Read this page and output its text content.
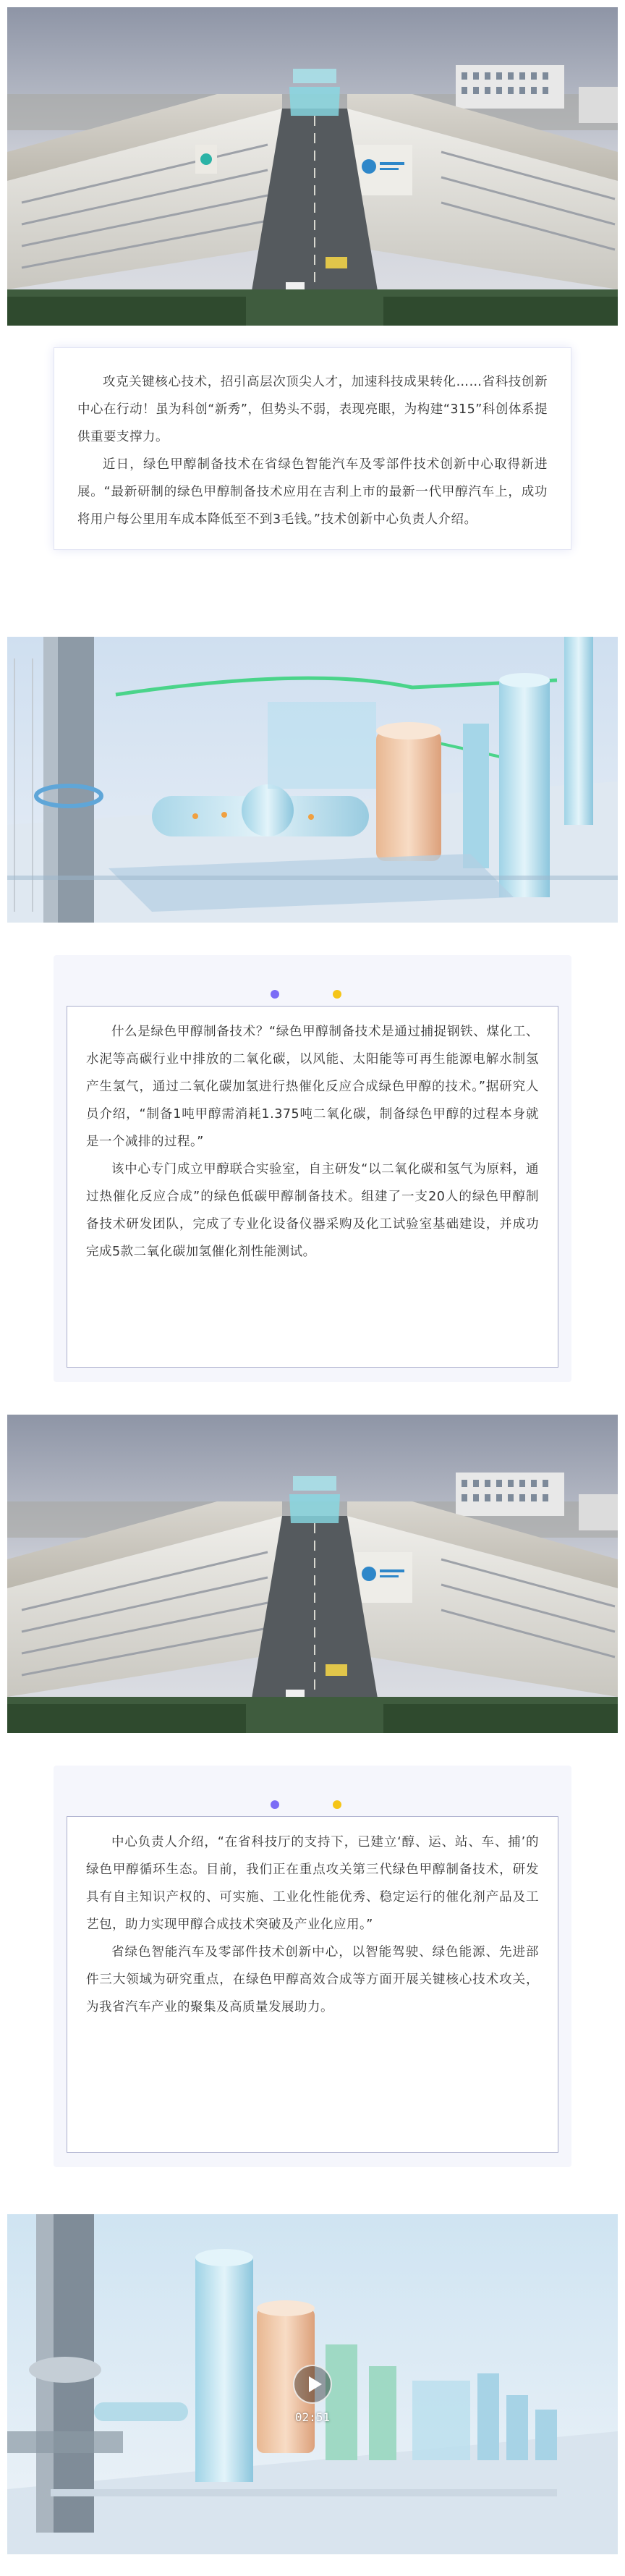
攻克关键核心技术，招引高层次顶尖人才，加速科技成果转化……省科技创新中心在行动！虽为科创“新秀”，但势头不弱，表现亮眼，为构建“315”科创体系提供重要支撑力。

近日，绿色甲醇制备技术在省绿色智能汽车及零部件技术创新中心取得新进展。“最新研制的绿色甲醇制备技术应用在吉利上市的最新一代甲醇汽车上，成功将用户每公里用车成本降低至不到3毛钱。”技术创新中心负责人介绍。

什么是绿色甲醇制备技术？“绿色甲醇制备技术是通过捕捉钢铁、煤化工、水泥等高碳行业中排放的二氧化碳，以风能、太阳能等可再生能源电解水制氢产生氢气，通过二氧化碳加氢进行热催化反应合成绿色甲醇的技术。”据研究人员介绍，“制备1吨甲醇需消耗1.375吨二氧化碳，制备绿色甲醇的过程本身就是一个减排的过程。”

该中心专门成立甲醇联合实验室，自主研发“以二氧化碳和氢气为原料，通过热催化反应合成”的绿色低碳甲醇制备技术。组建了一支20人的绿色甲醇制备技术研发团队，完成了专业化设备仪器采购及化工试验室基础建设，并成功完成5款二氧化碳加氢催化剂性能测试。

中心负责人介绍，“在省科技厅的支持下，已建立‘醇、运、站、车、捕’的绿色甲醇循环生态。目前，我们正在重点攻关第三代绿色甲醇制备技术，研发具有自主知识产权的、可实施、工业化性能优秀、稳定运行的催化剂产品及工艺包，助力实现甲醇合成技术突破及产业化应用。”

省绿色智能汽车及零部件技术创新中心，以智能驾驶、绿色能源、先进部件三大领域为研究重点，在绿色甲醇高效合成等方面开展关键核心技术攻关，为我省汽车产业的聚集及高质量发展助力。

02:51
